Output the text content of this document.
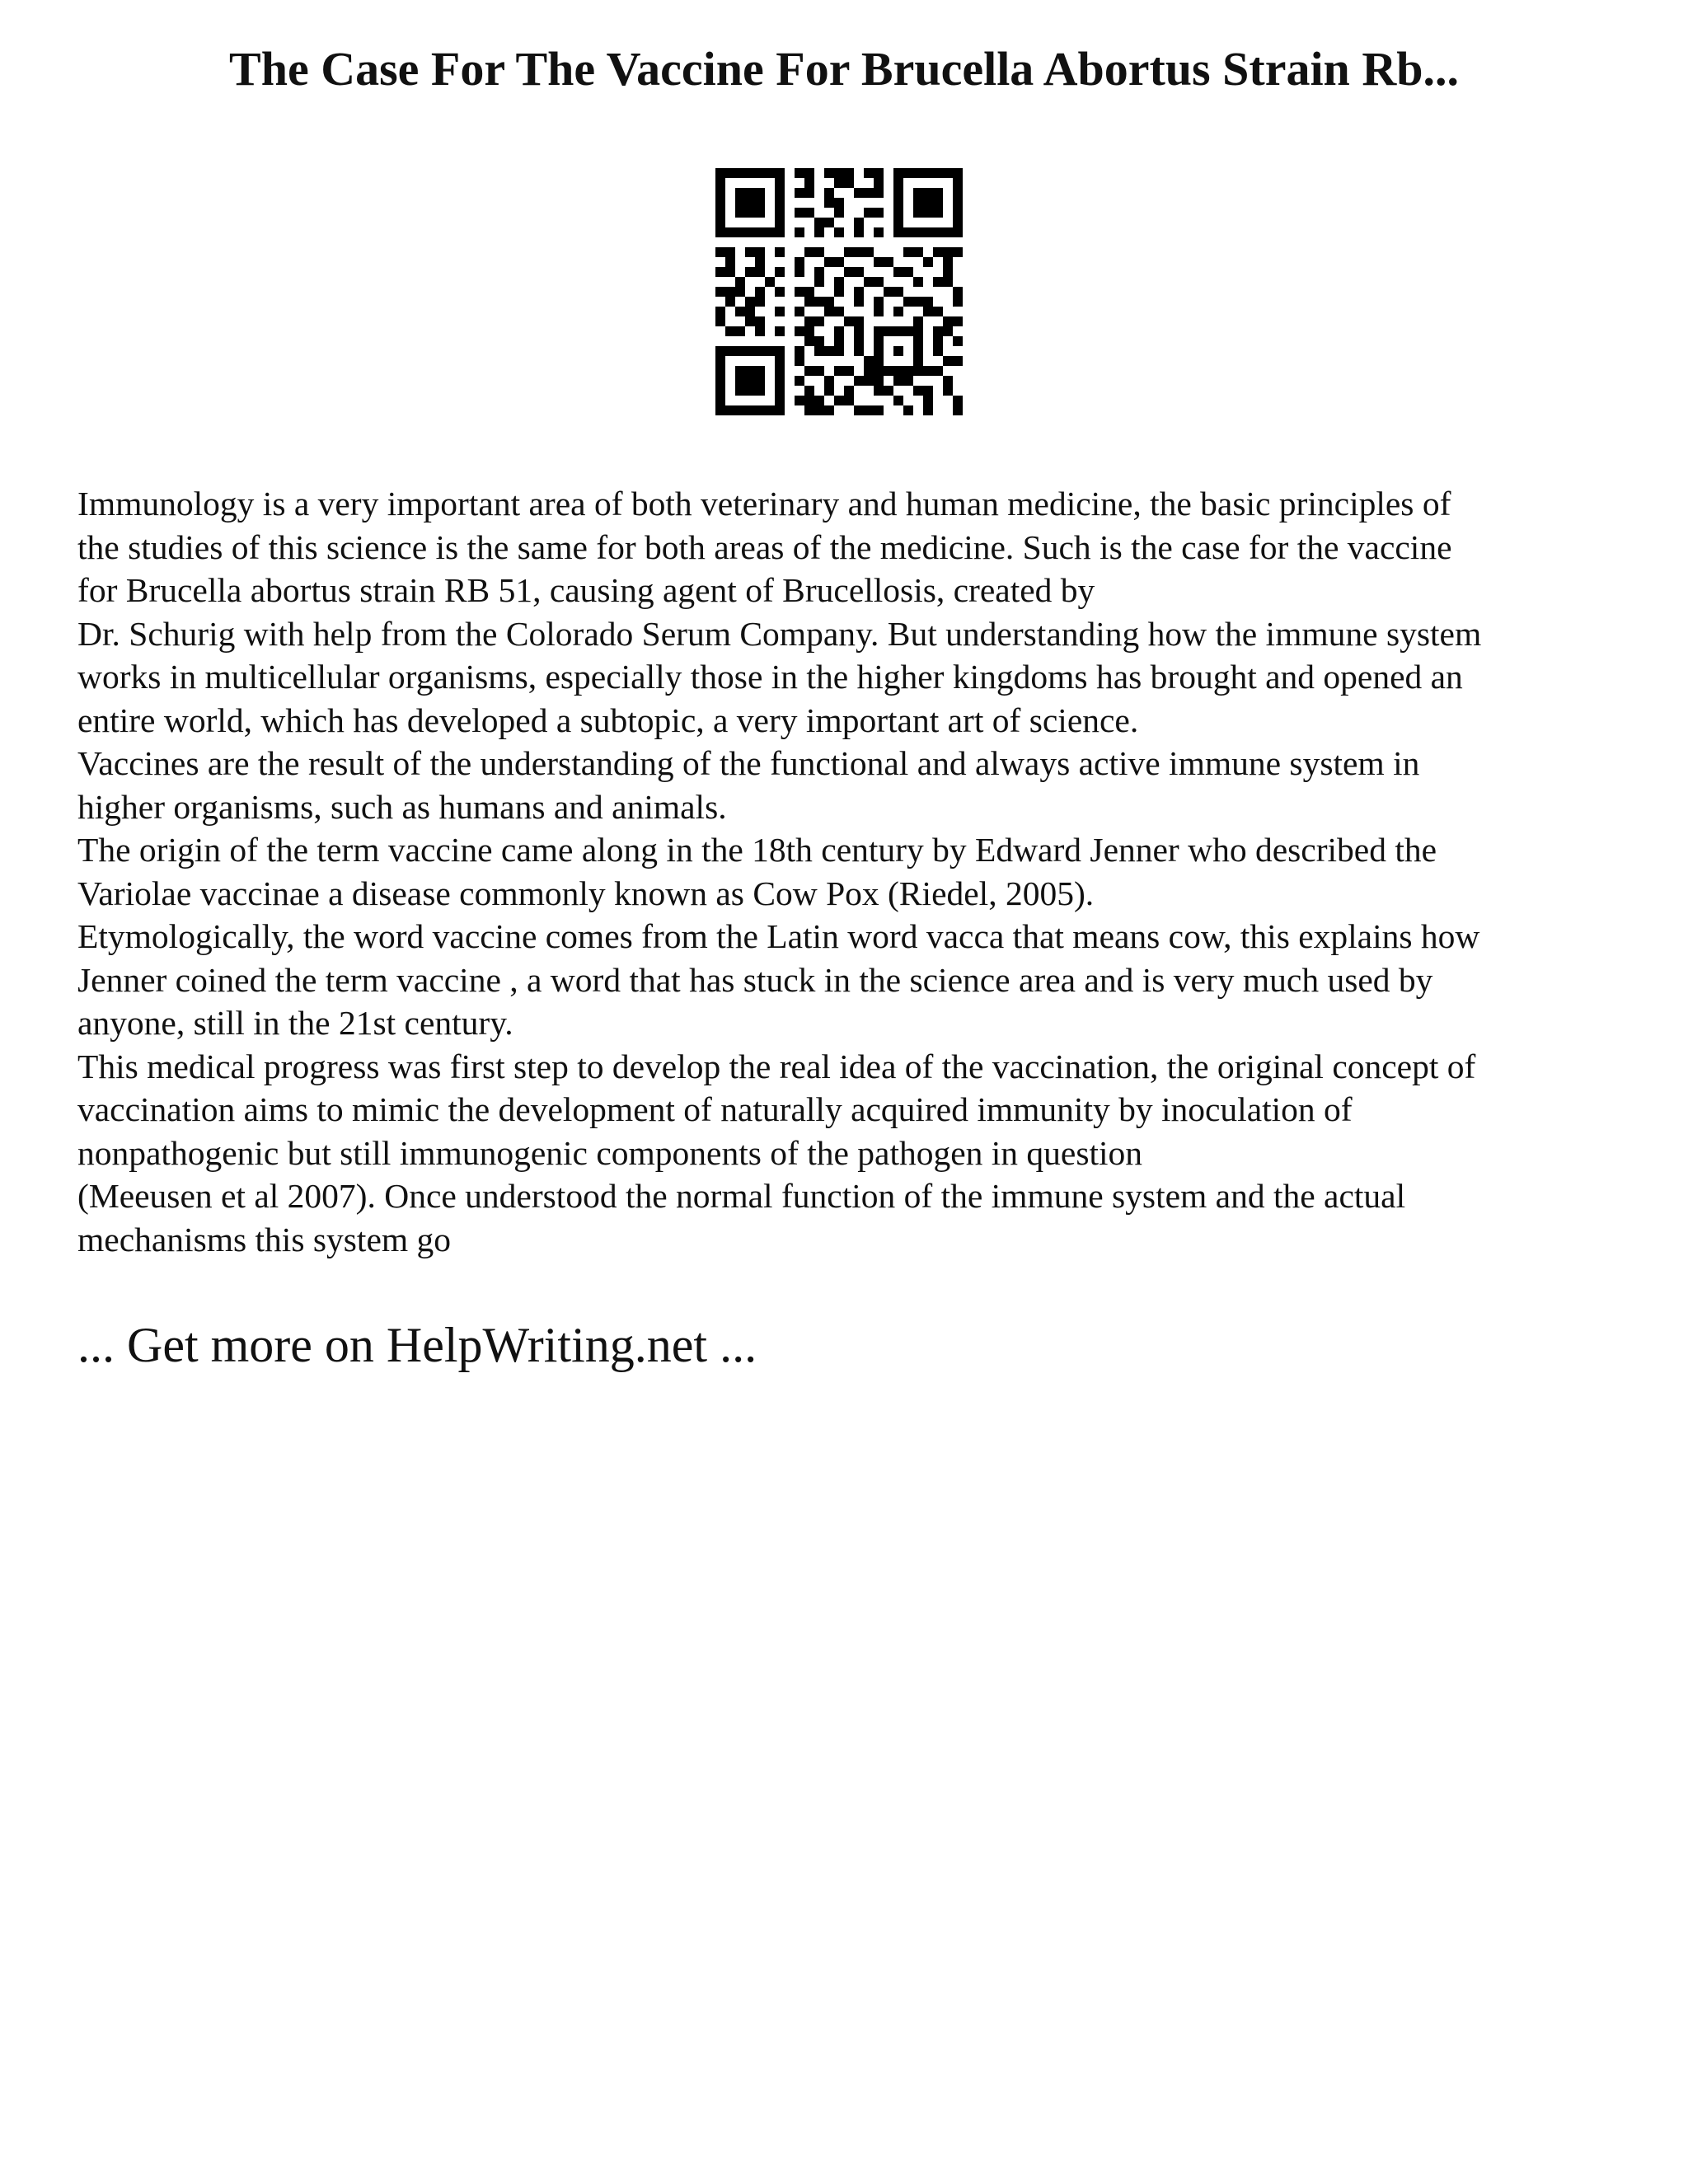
The Case For The Vaccine For Brucella Abortus Strain Rb...
Immunology is a very important area of both veterinary and human medicine, the basic principles of
the studies of this science is the same for both areas of the medicine. Such is the case for the vaccine
for Brucella abortus strain RB 51, causing agent of Brucellosis, created by
Dr. Schurig with help from the Colorado Serum Company. But understanding how the immune system
works in multicellular organisms, especially those in the higher kingdoms has brought and opened an
entire world, which has developed a subtopic, a very important art of science.
Vaccines are the result of the understanding of the functional and always active immune system in
higher organisms, such as humans and animals.
The origin of the term vaccine came along in the 18th century by Edward Jenner who described the
Variolae vaccinae a disease commonly known as Cow Pox (Riedel, 2005).
Etymologically, the word vaccine comes from the Latin word vacca that means cow, this explains how
Jenner coined the term vaccine , a word that has stuck in the science area and is very much used by
anyone, still in the 21st century.
This medical progress was first step to develop the real idea of the vaccination, the original concept of
vaccination aims to mimic the development of naturally acquired immunity by inoculation of
nonpathogenic but still immunogenic components of the pathogen in question
(Meeusen et al 2007). Once understood the normal function of the immune system and the actual
mechanisms this system go
... Get more on HelpWriting.net ...
